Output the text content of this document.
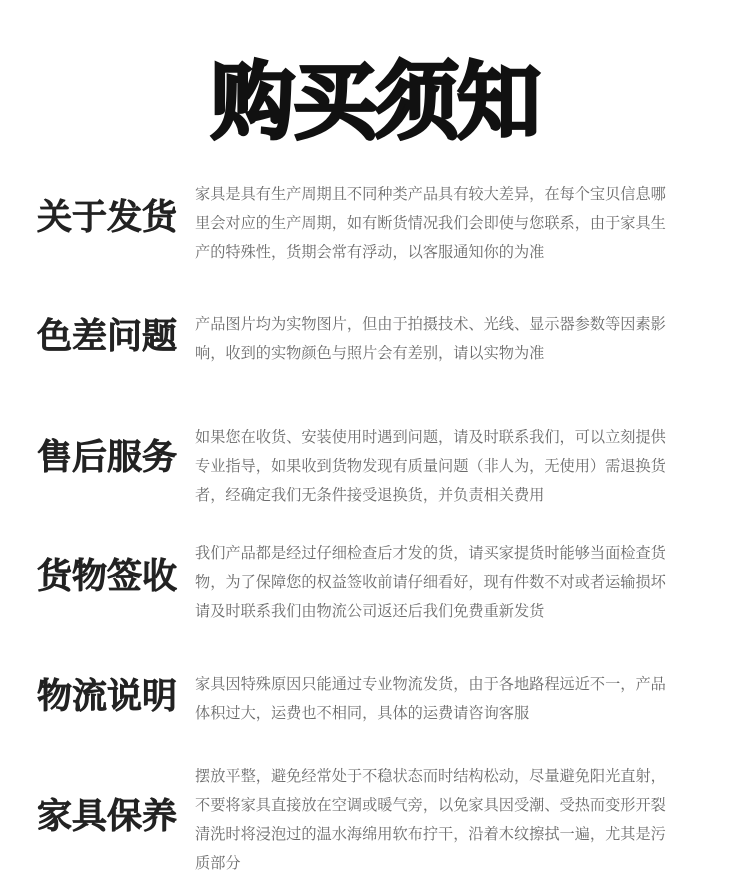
购买须知
关于发货
家具是具有生产周期且不同种类产品具有较大差异，在每个宝贝信息哪
里会对应的生产周期，如有断货情况我们会即使与您联系，由于家具生
产的特殊性，货期会常有浮动，以客服通知你的为准
色差问题	产品图片均为实物图片，但由于拍摄技术、光线、显示器参数等因素影
响，收到的实物颜色与照片会有差别，请以实物为准
售后服务
如果您在收货、安装使用时遇到问题，请及时联系我们，可以立刻提供
专业指导，如果收到货物发现有质量问题（非人为，无使用）需退换货
者，经确定我们无条件接受退换货，并负责相关费用
货物签收
我们产品都是经过仔细检查后才发的货，请买家提货时能够当面检查货
物，为了保障您的权益签收前请仔细看好，现有件数不对或者运输损坏
请及时联系我们由物流公司返还后我们免费重新发货
物流说明	家具因特殊原因只能通过专业物流发货，由于各地路程远近不一，产品
体积过大，运费也不相同，具体的运费请咨询客服
家具保养
摆放平整，避免经常处于不稳状态而时结构松动，尽量避免阳光直射，
不要将家具直接放在空调或暖气旁，以免家具因受潮、受热而变形开裂
清洗时将浸泡过的温水海绵用软布拧干，沿着木纹擦拭一遍，尤其是污
质部分
